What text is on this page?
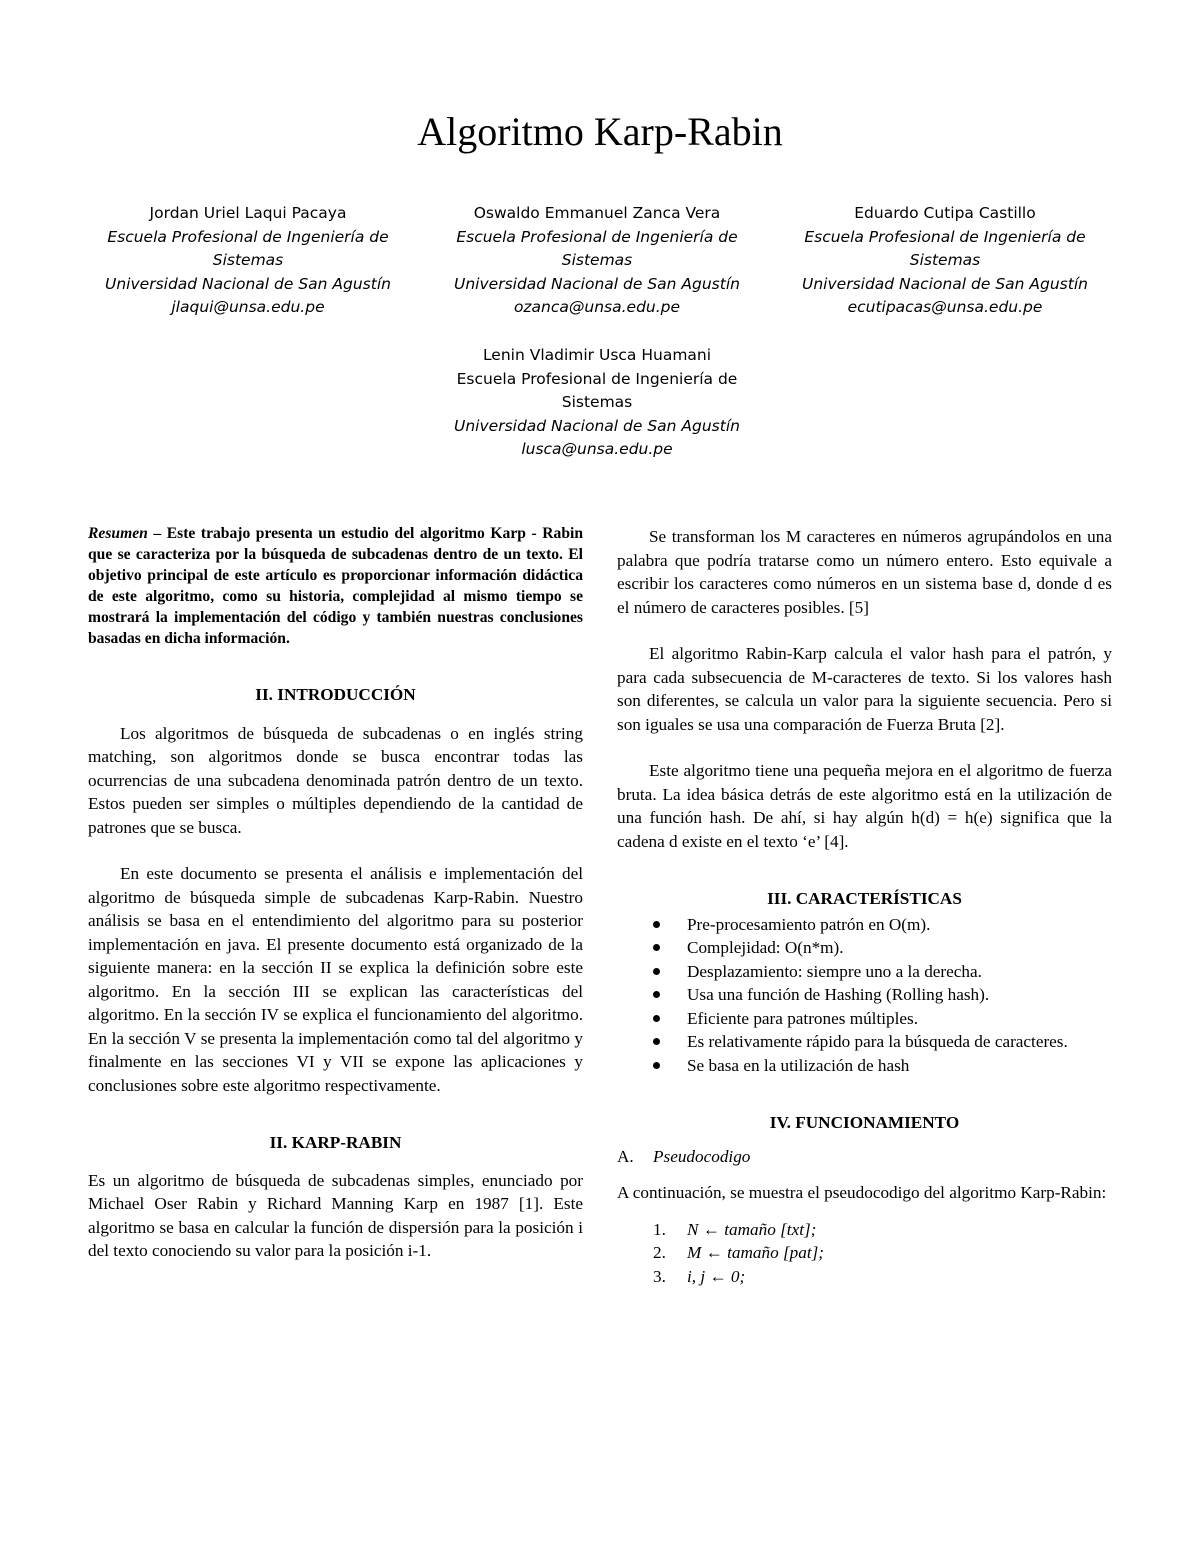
Algoritmo Karp-Rabin
Jordan Uriel Laqui Pacaya
Escuela Profesional de Ingeniería de Sistemas
Universidad Nacional de San Agustín
jlaqui@unsa.edu.pe
Oswaldo Emmanuel Zanca Vera
Escuela Profesional de Ingeniería de Sistemas
Universidad Nacional de San Agustín
ozanca@unsa.edu.pe
Eduardo Cutipa Castillo
Escuela Profesional de Ingeniería de Sistemas
Universidad Nacional de San Agustín
ecutipacas@unsa.edu.pe
Lenin Vladimir Usca Huamani
Escuela Profesional de Ingeniería de Sistemas
Universidad Nacional de San Agustín
lusca@unsa.edu.pe

Resumen – Este trabajo presenta un estudio del algoritmo Karp - Rabin que se caracteriza por la búsqueda de subcadenas dentro de un texto. El objetivo principal de este artículo es proporcionar información didáctica de este algoritmo, como su historia, complejidad al mismo tiempo se mostrará la implementación del código y también nuestras conclusiones basadas en dicha información.

II. INTRODUCCIÓN

Los algoritmos de búsqueda de subcadenas o en inglés string matching, son algoritmos donde se busca encontrar todas las ocurrencias de una subcadena denominada patrón dentro de un texto. Estos pueden ser simples o múltiples dependiendo de la cantidad de patrones que se busca.

En este documento se presenta el análisis e implementación del algoritmo de búsqueda simple de subcadenas Karp-Rabin. Nuestro análisis se basa en el entendimiento del algoritmo para su posterior implementación en java. El presente documento está organizado de la siguiente manera: en la sección II se explica la definición sobre este algoritmo. En la sección III se explican las características del algoritmo. En la sección IV se explica el funcionamiento del algoritmo. En la sección V se presenta la implementación como tal del algoritmo y finalmente en las secciones VI y VII se expone las aplicaciones y conclusiones sobre este algoritmo respectivamente.

II. KARP-RABIN

Es un algoritmo de búsqueda de subcadenas simples, enunciado por Michael Oser Rabin y Richard Manning Karp en 1987 [1]. Este algoritmo se basa en calcular la función de dispersión para la posición i del texto conociendo su valor para la posición i-1.

Se transforman los M caracteres en números agrupándolos en una palabra que podría tratarse como un número entero. Esto equivale a escribir los caracteres como números en un sistema base d, donde d es el número de caracteres posibles. [5]

El algoritmo Rabin-Karp calcula el valor hash para el patrón, y para cada subsecuencia de M-caracteres de texto. Si los valores hash son diferentes, se calcula un valor para la siguiente secuencia. Pero si son iguales se usa una comparación de Fuerza Bruta [2].

Este algoritmo tiene una pequeña mejora en el algoritmo de fuerza bruta. La idea básica detrás de este algoritmo está en la utilización de una función hash. De ahí, si hay algún h(d) = h(e) significa que la cadena d existe en el texto ‘e’ [4].

III. CARACTERÍSTICAS
Pre-procesamiento patrón en O(m).
Complejidad: O(n*m).
Desplazamiento: siempre uno a la derecha.
Usa una función de Hashing (Rolling hash).
Eficiente para patrones múltiples.
Es relativamente rápido para la búsqueda de caracteres.
Se basa en la utilización de hash
IV. FUNCIONAMIENTO
A. Pseudocodigo

A continuación, se muestra el pseudocodigo del algoritmo Karp-Rabin:

1. N ← tamaño [txt];
2. M ← tamaño [pat];
3. i, j ← 0;
